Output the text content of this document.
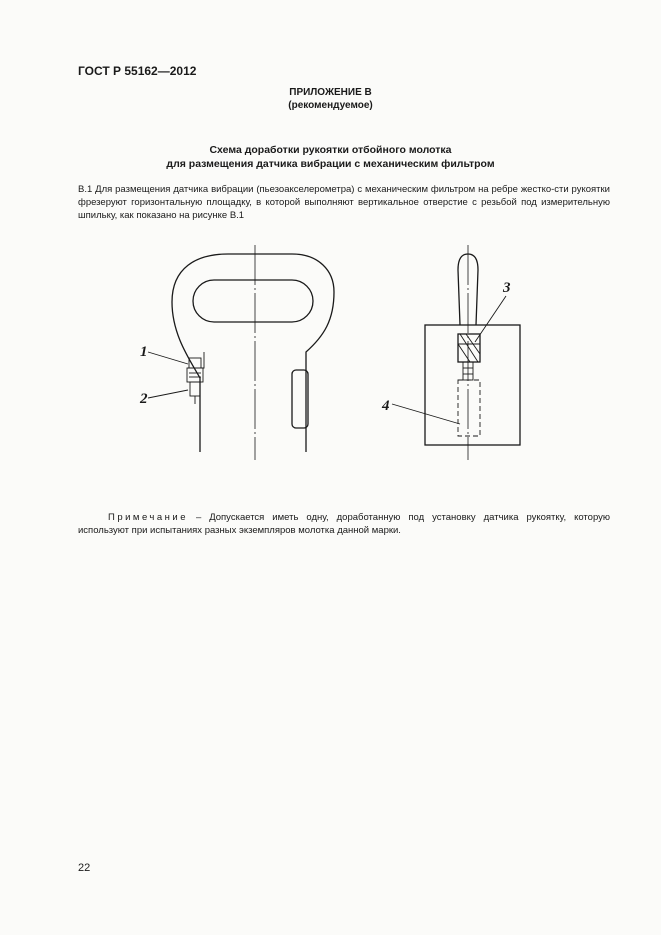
ГОСТ Р 55162—2012
ПРИЛОЖЕНИЕ В
(рекомендуемое)
Схема доработки рукоятки отбойного молотка
для размещения датчика вибрации с механическим фильтром
В.1 Для размещения датчика вибрации (пьезоакселерометра) с механическим фильтром на ребре жестко-сти рукоятки фрезеруют горизонтальную площадку, в которой выполняют вертикальное отверстие с резьбой под измерительную шпильку, как показано на рисунке В.1
1
2
3
4
Примечание – Допускается иметь одну, доработанную под установку датчика рукоятку, которую используют при испытаниях разных экземпляров молотка данной марки.
22
